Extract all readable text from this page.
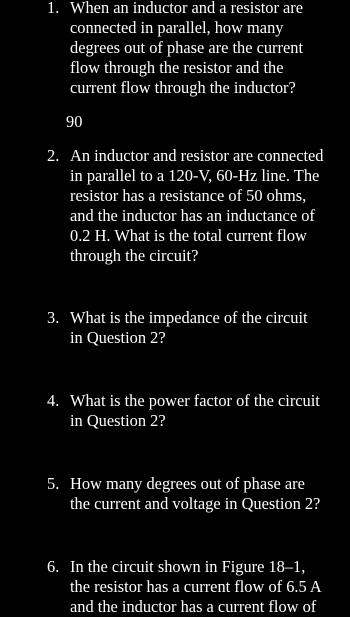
1. When an inductor and a resistor are
connected in parallel, how many
degrees out of phase are the current
flow through the resistor and the
current flow through the inductor?
90
2. An inductor and resistor are connected
in parallel to a 120-V, 60-Hz line. The
resistor has a resistance of 50 ohms,
and the inductor has an inductance of
0.2 H. What is the total current flow
through the circuit?
3. What is the impedance of the circuit
in Question 2?
4. What is the power factor of the circuit
in Question 2?
5. How many degrees out of phase are
the current and voltage in Question 2?
6. In the circuit shown in Figure 18–1,
the resistor has a current flow of 6.5 A
and the inductor has a current flow of
